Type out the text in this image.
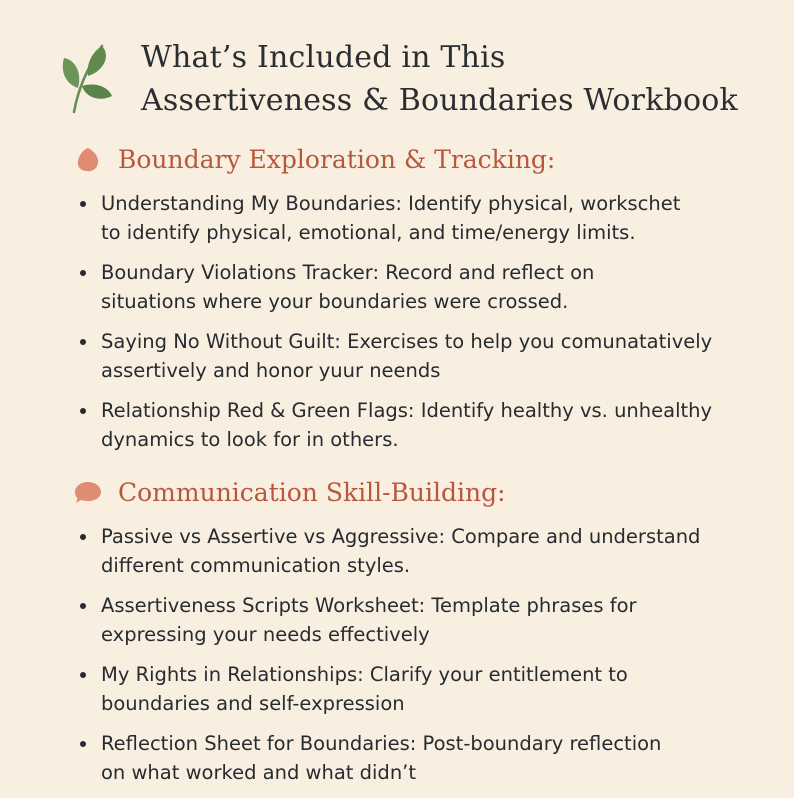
What’s Included in This
Assertiveness & Boundaries Workbook
Boundary Exploration & Tracking:
Understanding My Boundaries: Identify physical, workschet
to identify physical, emotional, and time/energy limits.
Boundary Violations Tracker: Record and reflect on
situations where your boundaries were crossed.
Saying No Without Guilt: Exercises to help you comunatatively
assertively and honor yuur neends
Relationship Red & Green Flags: Identify healthy vs. unhealthy
dynamics to look for in others.
Communication Skill-Building:
Passive vs Assertive vs Aggressive: Compare and understand
different communication styles.
Assertiveness Scripts Worksheet: Template phrases for
expressing your needs effectively
My Rights in Relationships: Clarify your entitlement to
boundaries and self-expression
Reflection Sheet for Boundaries: Post-boundary reflection
on what worked and what didn’t
